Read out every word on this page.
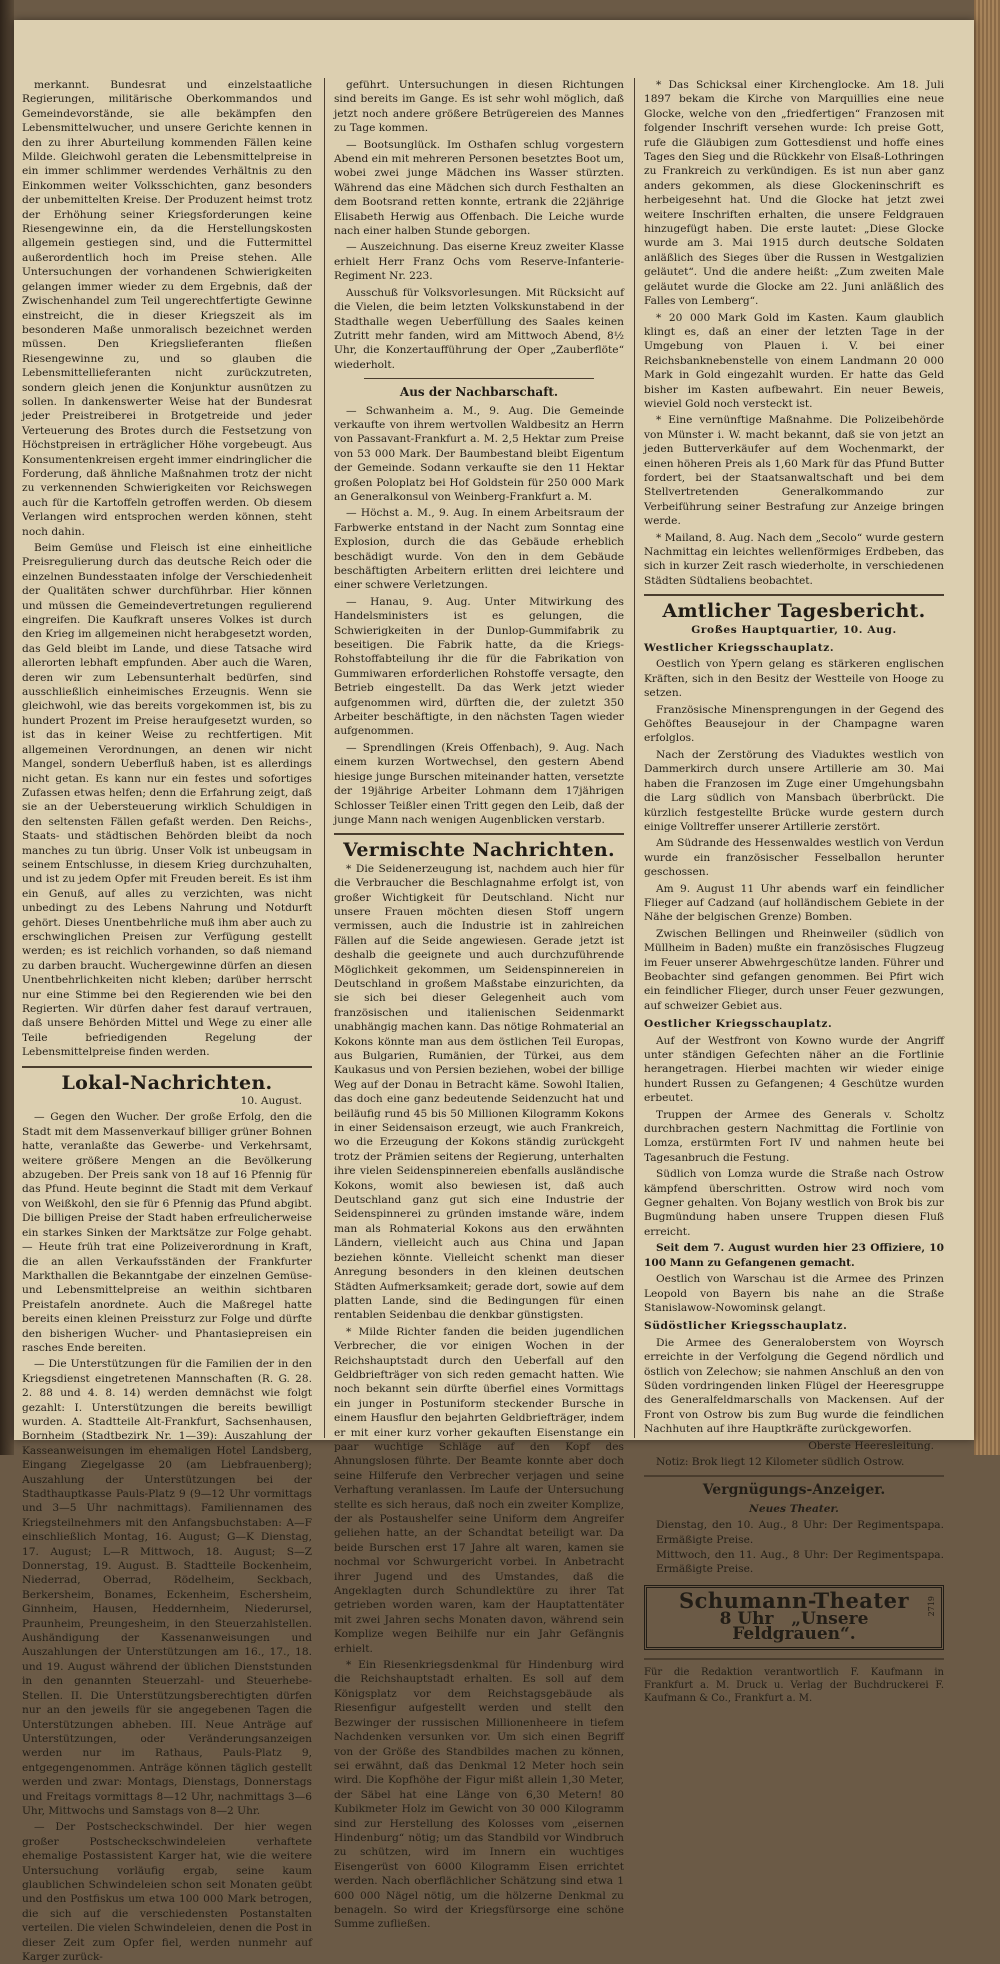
merkannt. Bundesrat und einzelstaatliche Regierungen, militärische Oberkommandos und Gemeindevorstände, sie alle bekämpfen den Lebensmittelwucher, und unsere Gerichte kennen in den zu ihrer Aburteilung kommenden Fällen keine Milde. Gleichwohl geraten die Lebensmittelpreise in ein immer schlimmer werdendes Verhältnis zu den Einkommen weiter Volksschichten, ganz besonders der unbemittelten Kreise. Der Produzent heimst trotz der Erhöhung seiner Kriegsforderungen keine Riesengewinne ein, da die Herstellungskosten allgemein gestiegen sind, und die Futtermittel außerordentlich hoch im Preise stehen. Alle Untersuchungen der vorhandenen Schwierigkeiten gelangen immer wieder zu dem Ergebnis, daß der Zwischenhandel zum Teil ungerechtfertigte Gewinne einstreicht, die in dieser Kriegszeit als im besonderen Maße unmoralisch bezeichnet werden müssen. Den Kriegslieferanten fließen Riesengewinne zu, und so glauben die Lebensmittellieferanten nicht zurückzutreten, sondern gleich jenen die Konjunktur ausnützen zu sollen. In dankenswerter Weise hat der Bundesrat jeder Preistreiberei in Brotgetreide und jeder Verteuerung des Brotes durch die Festsetzung von Höchstpreisen in erträglicher Höhe vorgebeugt. Aus Konsumentenkreisen ergeht immer eindringlicher die Forderung, daß ähnliche Maßnahmen trotz der nicht zu verkennenden Schwierigkeiten vor Reichswegen auch für die Kartoffeln getroffen werden. Ob diesem Verlangen wird entsprochen werden können, steht noch dahin.

Beim Gemüse und Fleisch ist eine einheitliche Preisregulierung durch das deutsche Reich oder die einzelnen Bundesstaaten infolge der Verschiedenheit der Qualitäten schwer durchführbar. Hier können und müssen die Gemeindevertretungen regulierend eingreifen. Die Kaufkraft unseres Volkes ist durch den Krieg im allgemeinen nicht herabgesetzt worden, das Geld bleibt im Lande, und diese Tatsache wird allerorten lebhaft empfunden. Aber auch die Waren, deren wir zum Lebensunterhalt bedürfen, sind ausschließlich einheimisches Erzeugnis. Wenn sie gleichwohl, wie das bereits vorgekommen ist, bis zu hundert Prozent im Preise heraufgesetzt wurden, so ist das in keiner Weise zu rechtfertigen. Mit allgemeinen Verordnungen, an denen wir nicht Mangel, sondern Ueberfluß haben, ist es allerdings nicht getan. Es kann nur ein festes und sofortiges Zufassen etwas helfen; denn die Erfahrung zeigt, daß sie an der Uebersteuerung wirklich Schuldigen in den seltensten Fällen gefaßt werden. Den Reichs-, Staats- und städtischen Behörden bleibt da noch manches zu tun übrig. Unser Volk ist unbeugsam in seinem Entschlusse, in diesem Krieg durchzuhalten, und ist zu jedem Opfer mit Freuden bereit. Es ist ihm ein Genuß, auf alles zu verzichten, was nicht unbedingt zu des Lebens Nahrung und Notdurft gehört. Dieses Unentbehrliche muß ihm aber auch zu erschwinglichen Preisen zur Verfügung gestellt werden; es ist reichlich vorhanden, so daß niemand zu darben braucht. Wuchergewinne dürfen an diesen Unentbehrlichkeiten nicht kleben; darüber herrscht nur eine Stimme bei den Regierenden wie bei den Regierten. Wir dürfen daher fest darauf vertrauen, daß unsere Behörden Mittel und Wege zu einer alle Teile befriedigenden Regelung der Lebensmittelpreise finden werden.

Lokal-Nachrichten.

10. August.

— Gegen den Wucher. Der große Erfolg, den die Stadt mit dem Massenverkauf billiger grüner Bohnen hatte, veranlaßte das Gewerbe- und Verkehrsamt, weitere größere Mengen an die Bevölkerung abzugeben. Der Preis sank von 18 auf 16 Pfennig für das Pfund. Heute beginnt die Stadt mit dem Verkauf von Weißkohl, den sie für 6 Pfennig das Pfund abgibt. Die billigen Preise der Stadt haben erfreulicherweise ein starkes Sinken der Marktsätze zur Folge gehabt. — Heute früh trat eine Polizeiverordnung in Kraft, die an allen Verkaufsständen der Frankfurter Markthallen die Bekanntgabe der einzelnen Gemüse- und Lebensmittelpreise an weithin sichtbaren Preistafeln anordnete. Auch die Maßregel hatte bereits einen kleinen Preissturz zur Folge und dürfte den bisherigen Wucher- und Phantasiepreisen ein rasches Ende bereiten.

— Die Unterstützungen für die Familien der in den Kriegsdienst eingetretenen Mannschaften (R. G. 28. 2. 88 und 4. 8. 14) werden demnächst wie folgt gezahlt: I. Unterstützungen die bereits bewilligt wurden. A. Stadtteile Alt-Frankfurt, Sachsenhausen, Bornheim (Stadtbezirk Nr. 1—39): Auszahlung der Kasseanweisungen im ehemaligen Hotel Landsberg, Eingang Ziegelgasse 20 (am Liebfrauenberg); Auszahlung der Unterstützungen bei der Stadthauptkasse Pauls-Platz 9 (9—12 Uhr vormittags und 3—5 Uhr nachmittags). Familiennamen des Kriegsteilnehmers mit den Anfangsbuchstaben: A—F einschließlich Montag, 16. August; G—K Dienstag, 17. August; L—R Mittwoch, 18. August; S—Z Donnerstag, 19. August. B. Stadtteile Bockenheim, Niederrad, Oberrad, Rödelheim, Seckbach, Berkersheim, Bonames, Eckenheim, Eschersheim, Ginnheim, Hausen, Heddernheim, Niederursel, Praunheim, Preungesheim, in den Steuerzahlstellen. Aushändigung der Kassenanweisungen und Auszahlungen der Unterstützungen am 16., 17., 18. und 19. August während der üblichen Dienststunden in den genannten Steuerzahl- und Steuerhebe-Stellen. II. Die Unterstützungsberechtigten dürfen nur an den jeweils für sie angegebenen Tagen die Unterstützungen abheben. III. Neue Anträge auf Unterstützungen, oder Veränderungsanzeigen werden nur im Rathaus, Pauls-Platz 9, entgegengenommen. Anträge können täglich gestellt werden und zwar: Montags, Dienstags, Donnerstags und Freitags vormittags 8—12 Uhr, nachmittags 3—6 Uhr, Mittwochs und Samstags von 8—2 Uhr.

— Der Postscheckschwindel. Der hier wegen großer Postscheckschwindeleien verhaftete ehemalige Postassistent Karger hat, wie die weitere Untersuchung vorläufig ergab, seine kaum glaublichen Schwindeleien schon seit Monaten geübt und den Postfiskus um etwa 100 000 Mark betrogen, die sich auf die verschiedensten Postanstalten verteilen. Die vielen Schwindeleien, denen die Post in dieser Zeit zum Opfer fiel, werden nunmehr auf Karger zurück-

geführt. Untersuchungen in diesen Richtungen sind bereits im Gange. Es ist sehr wohl möglich, daß jetzt noch andere größere Betrügereien des Mannes zu Tage kommen.

— Bootsunglück. Im Osthafen schlug vorgestern Abend ein mit mehreren Personen besetztes Boot um, wobei zwei junge Mädchen ins Wasser stürzten. Während das eine Mädchen sich durch Festhalten an dem Bootsrand retten konnte, ertrank die 22jährige Elisabeth Herwig aus Offenbach. Die Leiche wurde nach einer halben Stunde geborgen.

— Auszeichnung. Das eiserne Kreuz zweiter Klasse erhielt Herr Franz Ochs vom Reserve-Infanterie-Regiment Nr. 223.

Ausschuß für Volksvorlesungen. Mit Rücksicht auf die Vielen, die beim letzten Volkskunstabend in der Stadthalle wegen Ueberfüllung des Saales keinen Zutritt mehr fanden, wird am Mittwoch Abend, 8½ Uhr, die Konzertaufführung der Oper „Zauberflöte“ wiederholt.

Aus der Nachbarschaft.

— Schwanheim a. M., 9. Aug. Die Gemeinde verkaufte von ihrem wertvollen Waldbesitz an Herrn von Passavant-Frankfurt a. M. 2,5 Hektar zum Preise von 53 000 Mark. Der Baumbestand bleibt Eigentum der Gemeinde. Sodann verkaufte sie den 11 Hektar großen Poloplatz bei Hof Goldstein für 250 000 Mark an Generalkonsul von Weinberg-Frankfurt a. M.

— Höchst a. M., 9. Aug. In einem Arbeitsraum der Farbwerke entstand in der Nacht zum Sonntag eine Explosion, durch die das Gebäude erheblich beschädigt wurde. Von den in dem Gebäude beschäftigten Arbeitern erlitten drei leichtere und einer schwere Verletzungen.

— Hanau, 9. Aug. Unter Mitwirkung des Handelsministers ist es gelungen, die Schwierigkeiten in der Dunlop-Gummifabrik zu beseitigen. Die Fabrik hatte, da die Kriegs-Rohstoffabteilung ihr die für die Fabrikation von Gummiwaren erforderlichen Rohstoffe versagte, den Betrieb eingestellt. Da das Werk jetzt wieder aufgenommen wird, dürften die, der zuletzt 350 Arbeiter beschäftigte, in den nächsten Tagen wieder aufgenommen.

— Sprendlingen (Kreis Offenbach), 9. Aug. Nach einem kurzen Wortwechsel, den gestern Abend hiesige junge Burschen miteinander hatten, versetzte der 19jährige Arbeiter Lohmann dem 17jährigen Schlosser Teißler einen Tritt gegen den Leib, daß der junge Mann nach wenigen Augenblicken verstarb.

Vermischte Nachrichten.

* Die Seidenerzeugung ist, nachdem auch hier für die Verbraucher die Beschlagnahme erfolgt ist, von großer Wichtigkeit für Deutschland. Nicht nur unsere Frauen möchten diesen Stoff ungern vermissen, auch die Industrie ist in zahlreichen Fällen auf die Seide angewiesen. Gerade jetzt ist deshalb die geeignete und auch durchzuführende Möglichkeit gekommen, um Seidenspinnereien in Deutschland in großem Maßstabe einzurichten, da sie sich bei dieser Gelegenheit auch vom französischen und italienischen Seidenmarkt unabhängig machen kann. Das nötige Rohmaterial an Kokons könnte man aus dem östlichen Teil Europas, aus Bulgarien, Rumänien, der Türkei, aus dem Kaukasus und von Persien beziehen, wobei der billige Weg auf der Donau in Betracht käme. Sowohl Italien, das doch eine ganz bedeutende Seidenzucht hat und beiläufig rund 45 bis 50 Millionen Kilogramm Kokons in einer Seidensaison erzeugt, wie auch Frankreich, wo die Erzeugung der Kokons ständig zurückgeht trotz der Prämien seitens der Regierung, unterhalten ihre vielen Seidenspinnereien ebenfalls ausländische Kokons, womit also bewiesen ist, daß auch Deutschland ganz gut sich eine Industrie der Seidenspinnerei zu gründen imstande wäre, indem man als Rohmaterial Kokons aus den erwähnten Ländern, vielleicht auch aus China und Japan beziehen könnte. Vielleicht schenkt man dieser Anregung besonders in den kleinen deutschen Städten Aufmerksamkeit; gerade dort, sowie auf dem platten Lande, sind die Bedingungen für einen rentablen Seidenbau die denkbar günstigsten.

* Milde Richter fanden die beiden jugendlichen Verbrecher, die vor einigen Wochen in der Reichshauptstadt durch den Ueberfall auf den Geldbriefträger von sich reden gemacht hatten. Wie noch bekannt sein dürfte überfiel eines Vormittags ein junger in Postuniform steckender Bursche in einem Hausflur den bejahrten Geldbriefträger, indem er mit einer kurz vorher gekauften Eisenstange ein paar wuchtige Schläge auf den Kopf des Ahnungslosen führte. Der Beamte konnte aber doch seine Hilferufe den Verbrecher verjagen und seine Verhaftung veranlassen. Im Laufe der Untersuchung stellte es sich heraus, daß noch ein zweiter Komplize, der als Postaushelfer seine Uniform dem Angreifer geliehen hatte, an der Schandtat beteiligt war. Da beide Burschen erst 17 Jahre alt waren, kamen sie nochmal vor Schwurgericht vorbei. In Anbetracht ihrer Jugend und des Umstandes, daß die Angeklagten durch Schundlektüre zu ihrer Tat getrieben worden waren, kam der Hauptattentäter mit zwei Jahren sechs Monaten davon, während sein Komplize wegen Beihilfe nur ein Jahr Gefängnis erhielt.

* Ein Riesenkriegsdenkmal für Hindenburg wird die Reichshauptstadt erhalten. Es soll auf dem Königsplatz vor dem Reichstagsgebäude als Riesenfigur aufgestellt werden und stellt den Bezwinger der russischen Millionenheere in tiefem Nachdenken versunken vor. Um sich einen Begriff von der Größe des Standbildes machen zu können, sei erwähnt, daß das Denkmal 12 Meter hoch sein wird. Die Kopfhöhe der Figur mißt allein 1,30 Meter, der Säbel hat eine Länge von 6,30 Metern! 80 Kubikmeter Holz im Gewicht von 30 000 Kilogramm sind zur Herstellung des Kolosses vom „eisernen Hindenburg“ nötig; um das Standbild vor Windbruch zu schützen, wird im Innern ein wuchtiges Eisengerüst von 6000 Kilogramm Eisen errichtet werden. Nach oberflächlicher Schätzung sind etwa 1 600 000 Nägel nötig, um die hölzerne Denkmal zu benageln. So wird der Kriegsfürsorge eine schöne Summe zufließen.

* Das Schicksal einer Kirchenglocke. Am 18. Juli 1897 bekam die Kirche von Marquillies eine neue Glocke, welche von den „friedfertigen“ Franzosen mit folgender Inschrift versehen wurde: Ich preise Gott, rufe die Gläubigen zum Gottesdienst und hoffe eines Tages den Sieg und die Rückkehr von Elsaß-Lothringen zu Frankreich zu verkündigen. Es ist nun aber ganz anders gekommen, als diese Glockeninschrift es herbeigesehnt hat. Und die Glocke hat jetzt zwei weitere Inschriften erhalten, die unsere Feldgrauen hinzugefügt haben. Die erste lautet: „Diese Glocke wurde am 3. Mai 1915 durch deutsche Soldaten anläßlich des Sieges über die Russen in Westgalizien geläutet“. Und die andere heißt: „Zum zweiten Male geläutet wurde die Glocke am 22. Juni anläßlich des Falles von Lemberg“.

* 20 000 Mark Gold im Kasten. Kaum glaublich klingt es, daß an einer der letzten Tage in der Umgebung von Plauen i. V. bei einer Reichsbanknebenstelle von einem Landmann 20 000 Mark in Gold eingezahlt wurden. Er hatte das Geld bisher im Kasten aufbewahrt. Ein neuer Beweis, wieviel Gold noch versteckt ist.

* Eine vernünftige Maßnahme. Die Polizeibehörde von Münster i. W. macht bekannt, daß sie von jetzt an jeden Butterverkäufer auf dem Wochenmarkt, der einen höheren Preis als 1,60 Mark für das Pfund Butter fordert, bei der Staatsanwaltschaft und bei dem Stellvertretenden Generalkommando zur Verbeiführung seiner Bestrafung zur Anzeige bringen werde.

* Mailand, 8. Aug. Nach dem „Secolo“ wurde gestern Nachmittag ein leichtes wellenförmiges Erdbeben, das sich in kurzer Zeit rasch wiederholte, in verschiedenen Städten Südtaliens beobachtet.

Amtlicher Tagesbericht.

Großes Hauptquartier, 10. Aug.

Westlicher Kriegsschauplatz.

Oestlich von Ypern gelang es stärkeren englischen Kräften, sich in den Besitz der Westteile von Hooge zu setzen.

Französische Minensprengungen in der Gegend des Gehöftes Beausejour in der Champagne waren erfolglos.

Nach der Zerstörung des Viaduktes westlich von Dammerkirch durch unsere Artillerie am 30. Mai haben die Franzosen im Zuge einer Umgehungsbahn die Larg südlich von Mansbach überbrückt. Die kürzlich festgestellte Brücke wurde gestern durch einige Volltreffer unserer Artillerie zerstört.

Am Südrande des Hessenwaldes westlich von Verdun wurde ein französischer Fesselballon herunter geschossen.

Am 9. August 11 Uhr abends warf ein feindlicher Flieger auf Cadzand (auf holländischem Gebiete in der Nähe der belgischen Grenze) Bomben.

Zwischen Bellingen und Rheinweiler (südlich von Müllheim in Baden) mußte ein französisches Flugzeug im Feuer unserer Abwehrgeschütze landen. Führer und Beobachter sind gefangen genommen. Bei Pfirt wich ein feindlicher Flieger, durch unser Feuer gezwungen, auf schweizer Gebiet aus.

Oestlicher Kriegsschauplatz.

Auf der Westfront von Kowno wurde der Angriff unter ständigen Gefechten näher an die Fortlinie herangetragen. Hierbei machten wir wieder einige hundert Russen zu Gefangenen; 4 Geschütze wurden erbeutet.

Truppen der Armee des Generals v. Scholtz durchbrachen gestern Nachmittag die Fortlinie von Lomza, erstürmten Fort IV und nahmen heute bei Tagesanbruch die Festung.

Südlich von Lomza wurde die Straße nach Ostrow kämpfend überschritten. Ostrow wird noch vom Gegner gehalten. Von Bojany westlich von Brok bis zur Bugmündung haben unsere Truppen diesen Fluß erreicht.

Seit dem 7. August wurden hier 23 Offiziere, 10 100 Mann zu Gefangenen gemacht.

Oestlich von Warschau ist die Armee des Prinzen Leopold von Bayern bis nahe an die Straße Stanislawow-Nowominsk gelangt.

Südöstlicher Kriegsschauplatz.

Die Armee des Generaloberstem von Woyrsch erreichte in der Verfolgung die Gegend nördlich und östlich von Zelechow; sie nahmen Anschluß an den von Süden vordringenden linken Flügel der Heeresgruppe des Generalfeldmarschalls von Mackensen. Auf der Front von Ostrow bis zum Bug wurde die feindlichen Nachhuten auf ihre Hauptkräfte zurückgeworfen.

Oberste Heeresleitung.

Notiz: Brok liegt 12 Kilometer südlich Ostrow.

Vergnügungs-Anzeiger.
Neues Theater.

Dienstag, den 10. Aug., 8 Uhr: Der Regimentspapa. Ermäßigte Preise.

Mittwoch, den 11. Aug., 8 Uhr: Der Regimentspapa. Ermäßigte Preise.

Schumann-Theater
8 Uhr „Unsere Feldgrauen“.
2719

Für die Redaktion verantwortlich F. Kaufmann in Frankfurt a. M. Druck u. Verlag der Buchdruckerei F. Kaufmann & Co., Frankfurt a. M.
